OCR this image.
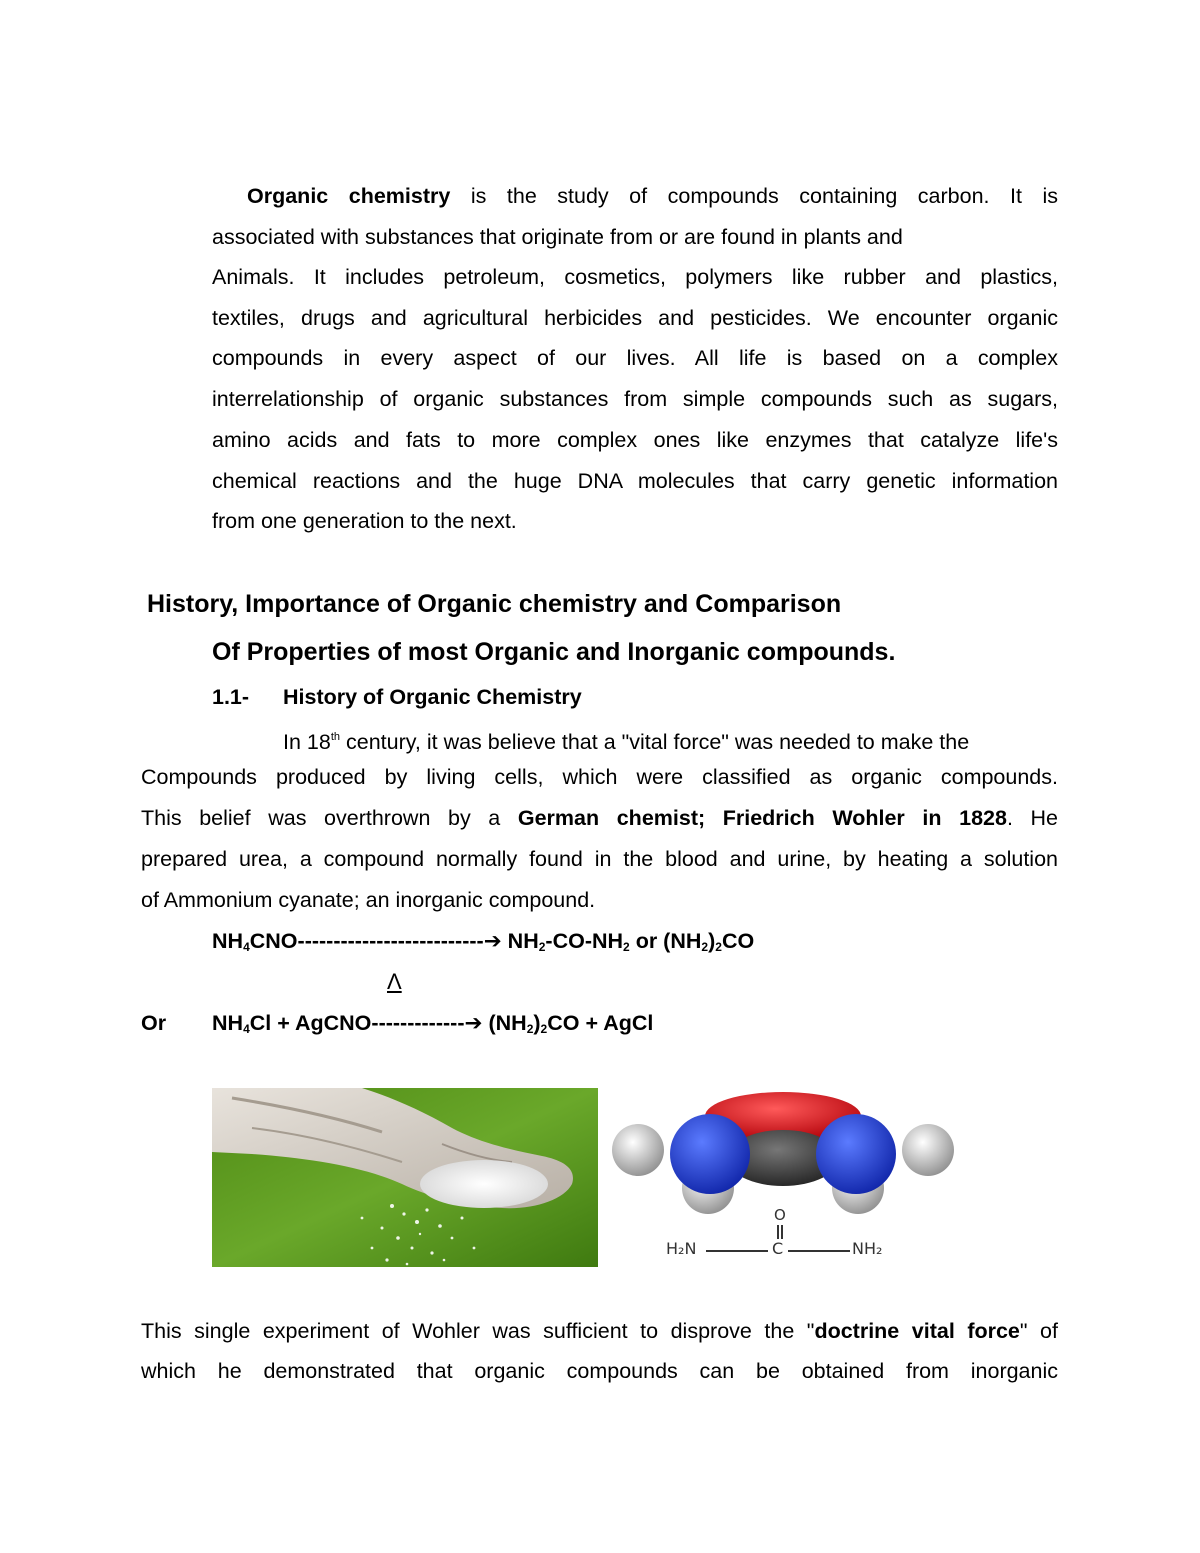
Organic chemistry is the study of compounds containing carbon. It is
associated with substances that originate from or are found in plants and
Animals. It includes petroleum, cosmetics, polymers like rubber and plastics,
textiles, drugs and agricultural herbicides and pesticides. We encounter organic
compounds in every aspect of our lives. All life is based on a complex
interrelationship of organic substances from simple compounds such as sugars,
amino acids and fats to more complex ones like enzymes that catalyze life's
chemical reactions and the huge DNA molecules that carry genetic information
from one generation to the next.
History, Importance of Organic chemistry and Comparison
Of Properties of most Organic and Inorganic compounds.
1.1- History of Organic Chemistry
In 18th century, it was believe that a "vital force" was needed to make the
Compounds produced by living cells, which were classified as organic compounds.
This belief was overthrown by a German chemist; Friedrich Wohler in 1828. He
prepared urea, a compound normally found in the blood and urine, by heating a solution
of Ammonium cyanate; an inorganic compound.
$NH_4CNO--------------------------➔$ $NH_2-CO-NH_2$ or $(NH_2)_2CO$
Λ
Or $NH_4Cl$ + AgCNO-------------➔ $(NH_2)_2CO$ + AgCl
O
H₂N	C	NH₂
This single experiment of Wohler was sufficient to disprove the "doctrine vital force" of
which he demonstrated that organic compounds can be obtained from inorganic
